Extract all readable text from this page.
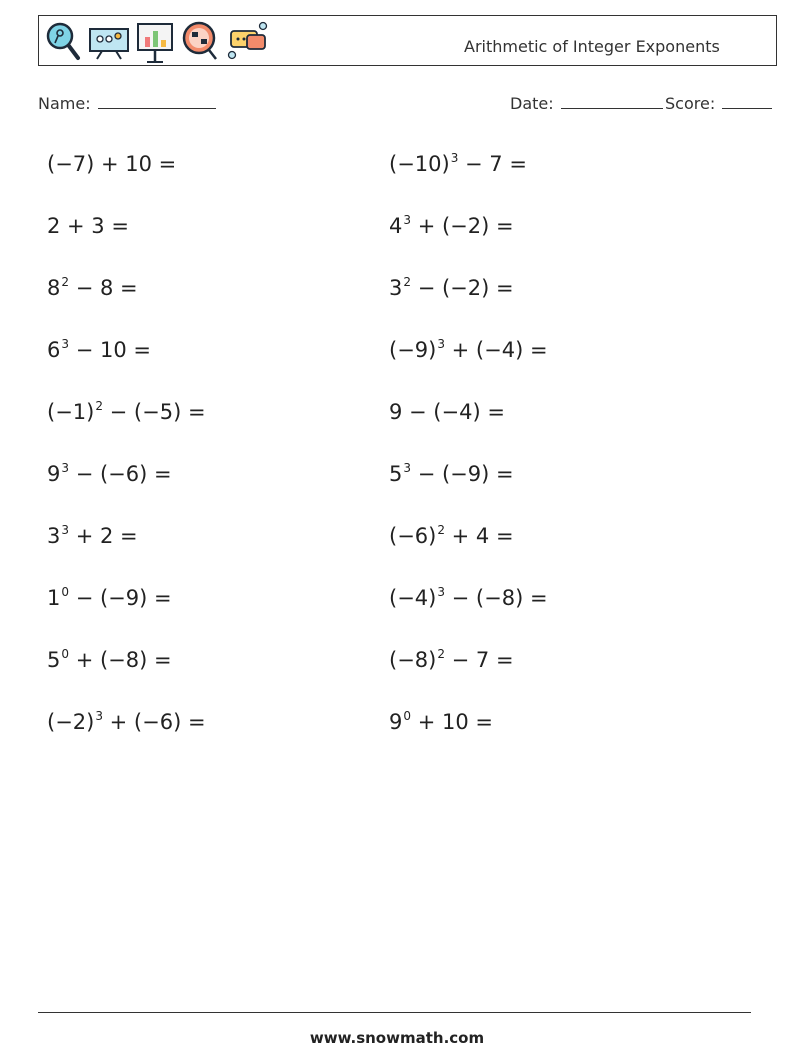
Arithmetic of Integer Exponents
Name:	Date:	Score:
(−7) + 10 =
2 + 3 =
$8^2 - 8$ =
$6^3 - 10$ =
$(-1)^2 - (-5)$ =
$9^3 - (-6)$ =
$3^3 + 2$ =
$1^0 - (-9)$ =
$5^0 + (-8)$ =
$(-2)^3 + (-6)$ =
$(-10)^3 - 7$ =
$4^3 + (-2)$ =
$3^2 - (-2)$ =
$(-9)^3 + (-4)$ =
9 − (−4) =
$5^3 - (-9)$ =
$(-6)^2 + 4$ =
$(-4)^3 - (-8)$ =
$(-8)^2 - 7$ =
$9^0 + 10$ =
www.snowmath.com
